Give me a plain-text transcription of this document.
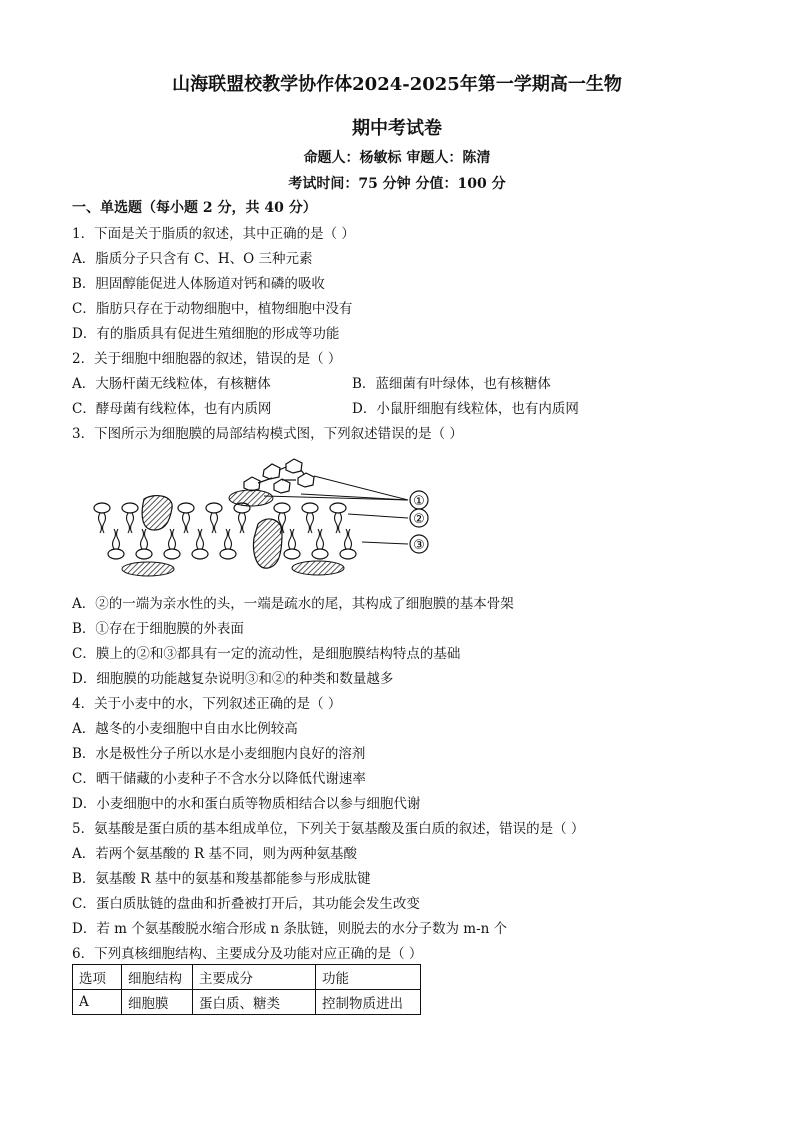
山海联盟校教学协作体2024-2025年第一学期高一生物
期中考试卷
命题人：杨敏标 审题人：陈清
考试时间：75 分钟 分值：100 分
一、单选题（每小题 2 分，共 40 分）
1．下面是关于脂质的叙述，其中正确的是（ ）
A．脂质分子只含有 C、H、O 三种元素
B．胆固醇能促进人体肠道对钙和磷的吸收
C．脂肪只存在于动物细胞中，植物细胞中没有
D．有的脂质具有促进生殖细胞的形成等功能
2．关于细胞中细胞器的叙述，错误的是（ ）
A．大肠杆菌无线粒体，有核糖体	B．蓝细菌有叶绿体，也有核糖体
C．酵母菌有线粒体，也有内质网	D．小鼠肝细胞有线粒体，也有内质网
3．下图所示为细胞膜的局部结构模式图，下列叙述错误的是（ ）
①
②
③
A．②的一端为亲水性的头，一端是疏水的尾，其构成了细胞膜的基本骨架
B．①存在于细胞膜的外表面
C．膜上的②和③都具有一定的流动性，是细胞膜结构特点的基础
D．细胞膜的功能越复杂说明③和②的种类和数量越多
4．关于小麦中的水，下列叙述正确的是（ ）
A．越冬的小麦细胞中自由水比例较高
B．水是极性分子所以水是小麦细胞内良好的溶剂
C．晒干储藏的小麦种子不含水分以降低代谢速率
D．小麦细胞中的水和蛋白质等物质相结合以参与细胞代谢
5．氨基酸是蛋白质的基本组成单位，下列关于氨基酸及蛋白质的叙述，错误的是（ ）
A．若两个氨基酸的 R 基不同，则为两种氨基酸
B．氨基酸 R 基中的氨基和羧基都能参与形成肽键
C．蛋白质肽链的盘曲和折叠被打开后，其功能会发生改变
D．若 m 个氨基酸脱水缩合形成 n 条肽链，则脱去的水分子数为 m-n 个
6．下列真核细胞结构、主要成分及功能对应正确的是（ ）
选项	细胞结构	主要成分	功能
A	细胞膜	蛋白质、糖类	控制物质进出
